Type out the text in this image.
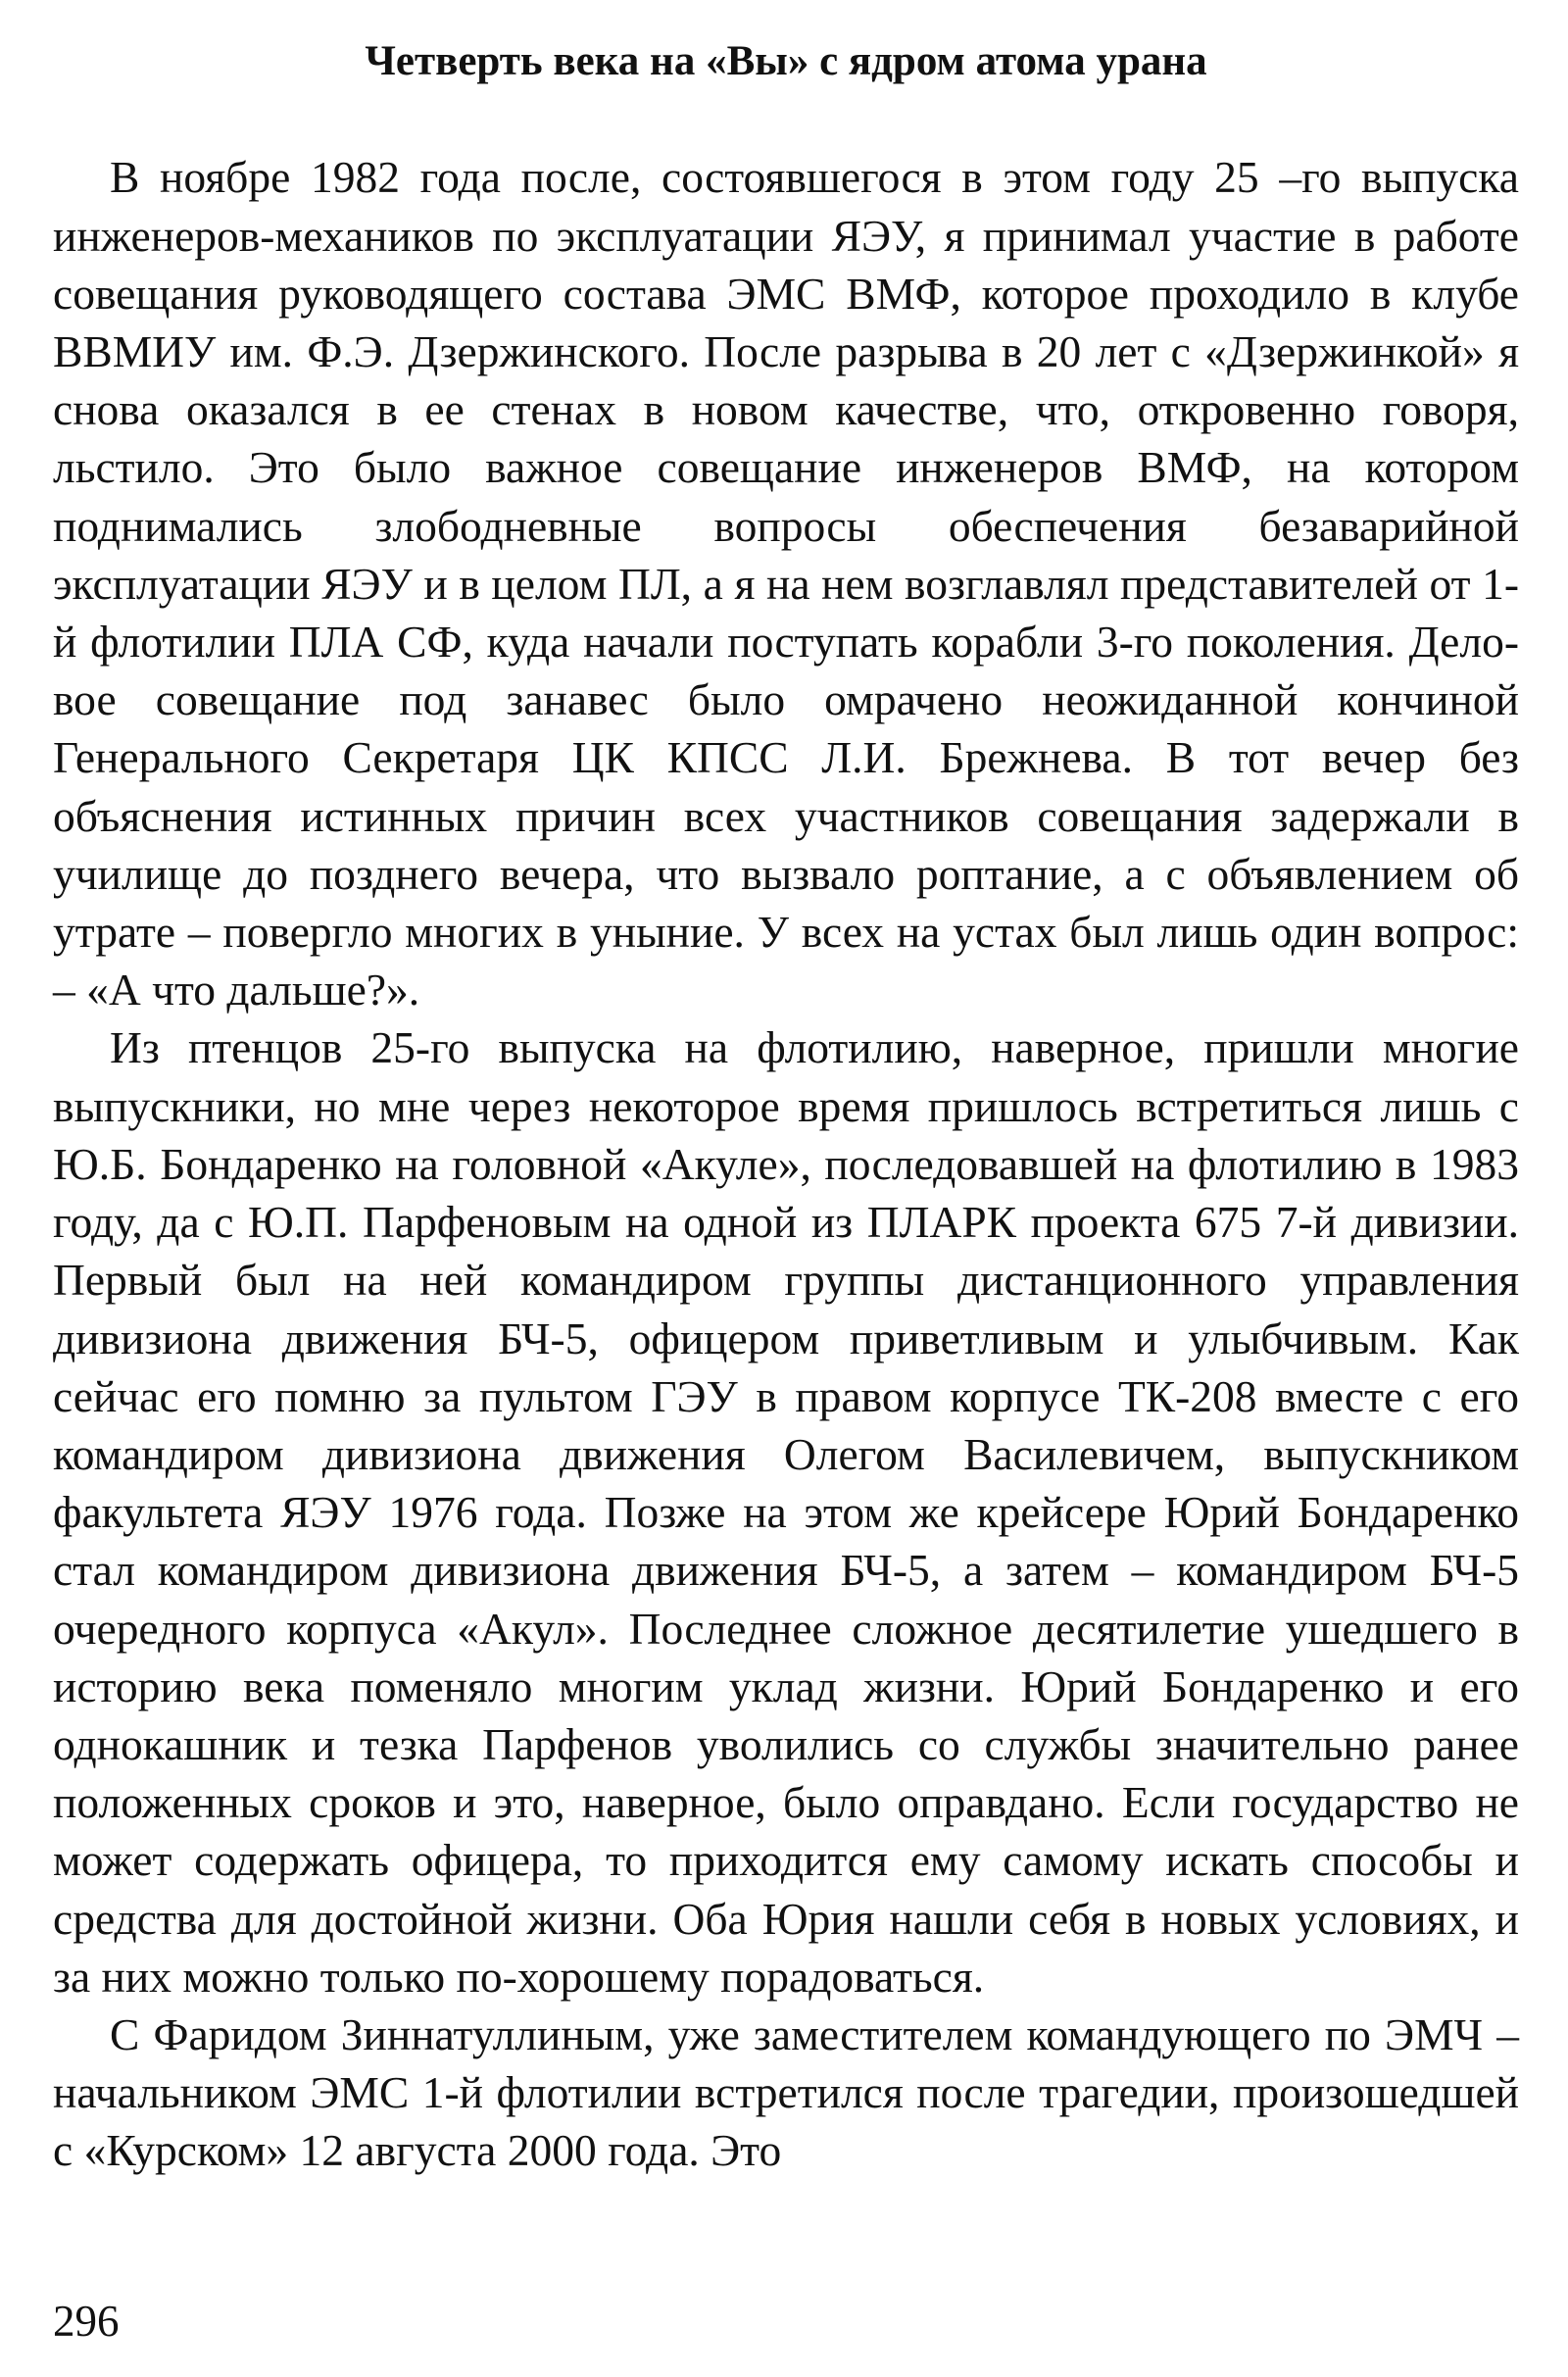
Четверть века на «Вы» с ядром атома урана

В ноябре 1982 года после, состоявшегося в этом году 25 –го выпуска инженеров-механиков по эксплуатации ЯЭУ, я принимал участие в работе совещания руководящего состава ЭМС ВМФ, которое проходило в клубе ВВМИУ им. Ф.Э. Дзержинского. После разрыва в 20 лет с «Дзержинкой» я снова оказался в ее стенах в новом качестве, что, откровенно говоря, льстило. Это было важное совещание инженеров ВМФ, на котором поднимались злободневные вопросы обеспечения безаварийной эксплуатации ЯЭУ и в целом ПЛ, а я на нем возглавлял представителей от 1-й флотилии ПЛА СФ, куда начали поступать корабли 3-го поколения. Деловое совещание под занавес было омрачено неожиданной кончиной Генерального Секретаря ЦК КПСС Л.И. Брежнева. В тот вечер без объяснения истинных причин всех участников совещания задержали в училище до позднего вечера, что вызвало роптание, а с объявлением об утрате – повергло многих в уныние. У всех на устах был лишь один вопрос: – «А что дальше?».

Из птенцов 25-го выпуска на флотилию, наверное, пришли многие выпускники, но мне через некоторое время пришлось встретиться лишь с Ю.Б. Бондаренко на головной «Акуле», последовавшей на флотилию в 1983 году, да с Ю.П. Парфеновым на одной из ПЛАРК проекта 675 7-й дивизии. Первый был на ней командиром группы дистанционного управления дивизиона движения БЧ-5, офицером приветливым и улыбчивым. Как сейчас его помню за пультом ГЭУ в правом корпусе ТК-208 вместе с его командиром дивизиона движения Олегом Василевичем, выпускником факультета ЯЭУ 1976 года. Позже на этом же крейсере Юрий Бондаренко стал командиром дивизиона движения БЧ-5, а затем – командиром БЧ-5 очередного корпуса «Акул». Последнее сложное десятилетие ушедшего в историю века поменяло многим уклад жизни. Юрий Бондаренко и его однокашник и тезка Парфенов уволились со службы значительно ранее положенных сроков и это, наверное, было оправдано. Если государство не может содержать офицера, то приходится ему самому искать способы и средства для достойной жизни. Оба Юрия нашли себя в новых условиях, и за них можно только по-хорошему порадоваться.

С Фаридом Зиннатуллиным, уже заместителем командующего по ЭМЧ – начальником ЭМС 1-й флотилии встретился после трагедии, произошедшей с «Курском» 12 августа 2000 года. Это

296
